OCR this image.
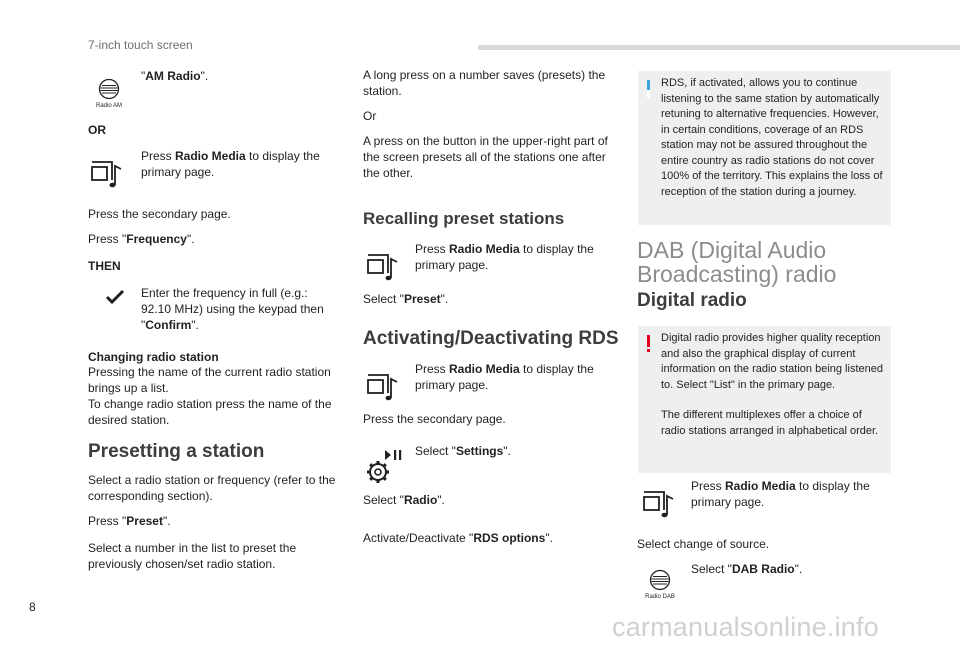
7-inch touch screen
Radio AM

"AM Radio".

OR

Press Radio Media to display the primary page.

Press the secondary page.

Press "Frequency".

THEN

Enter the frequency in full (e.g.: 92.10 MHz) using the keypad then "Confirm".

Changing radio station

Pressing the name of the current radio station brings up a list.

To change radio station press the name of the desired station.

Presetting a station

Select a radio station or frequency (refer to the corresponding section).

Press "Preset".

Select a number in the list to preset the previously chosen/set radio station.

A long press on a number saves (presets) the station.

Or

A press on the button in the upper-right part of the screen presets all of the stations one after the other.

Recalling preset stations

Press Radio Media to display the primary page.

Select "Preset".

Activating/Deactivating RDS

Press Radio Media to display the primary page.

Press the secondary page.

Select "Settings".

Select "Radio".

Activate/Deactivate "RDS options".

RDS, if activated, allows you to continue listening to the same station by automatically retuning to alternative frequencies. However, in certain conditions, coverage of an RDS station may not be assured throughout the entire country as radio stations do not cover 100% of the territory. This explains the loss of reception of the station during a journey.

DAB (Digital Audio Broadcasting) radio

Digital radio

Digital radio provides higher quality reception and also the graphical display of current information on the radio station being listened to. Select "List" in the primary page.

The different multiplexes offer a choice of radio stations arranged in alphabetical order.

Press Radio Media to display the primary page.

Select change of source.

Radio DAB

Select "DAB Radio".

8
carmanualsonline.info
